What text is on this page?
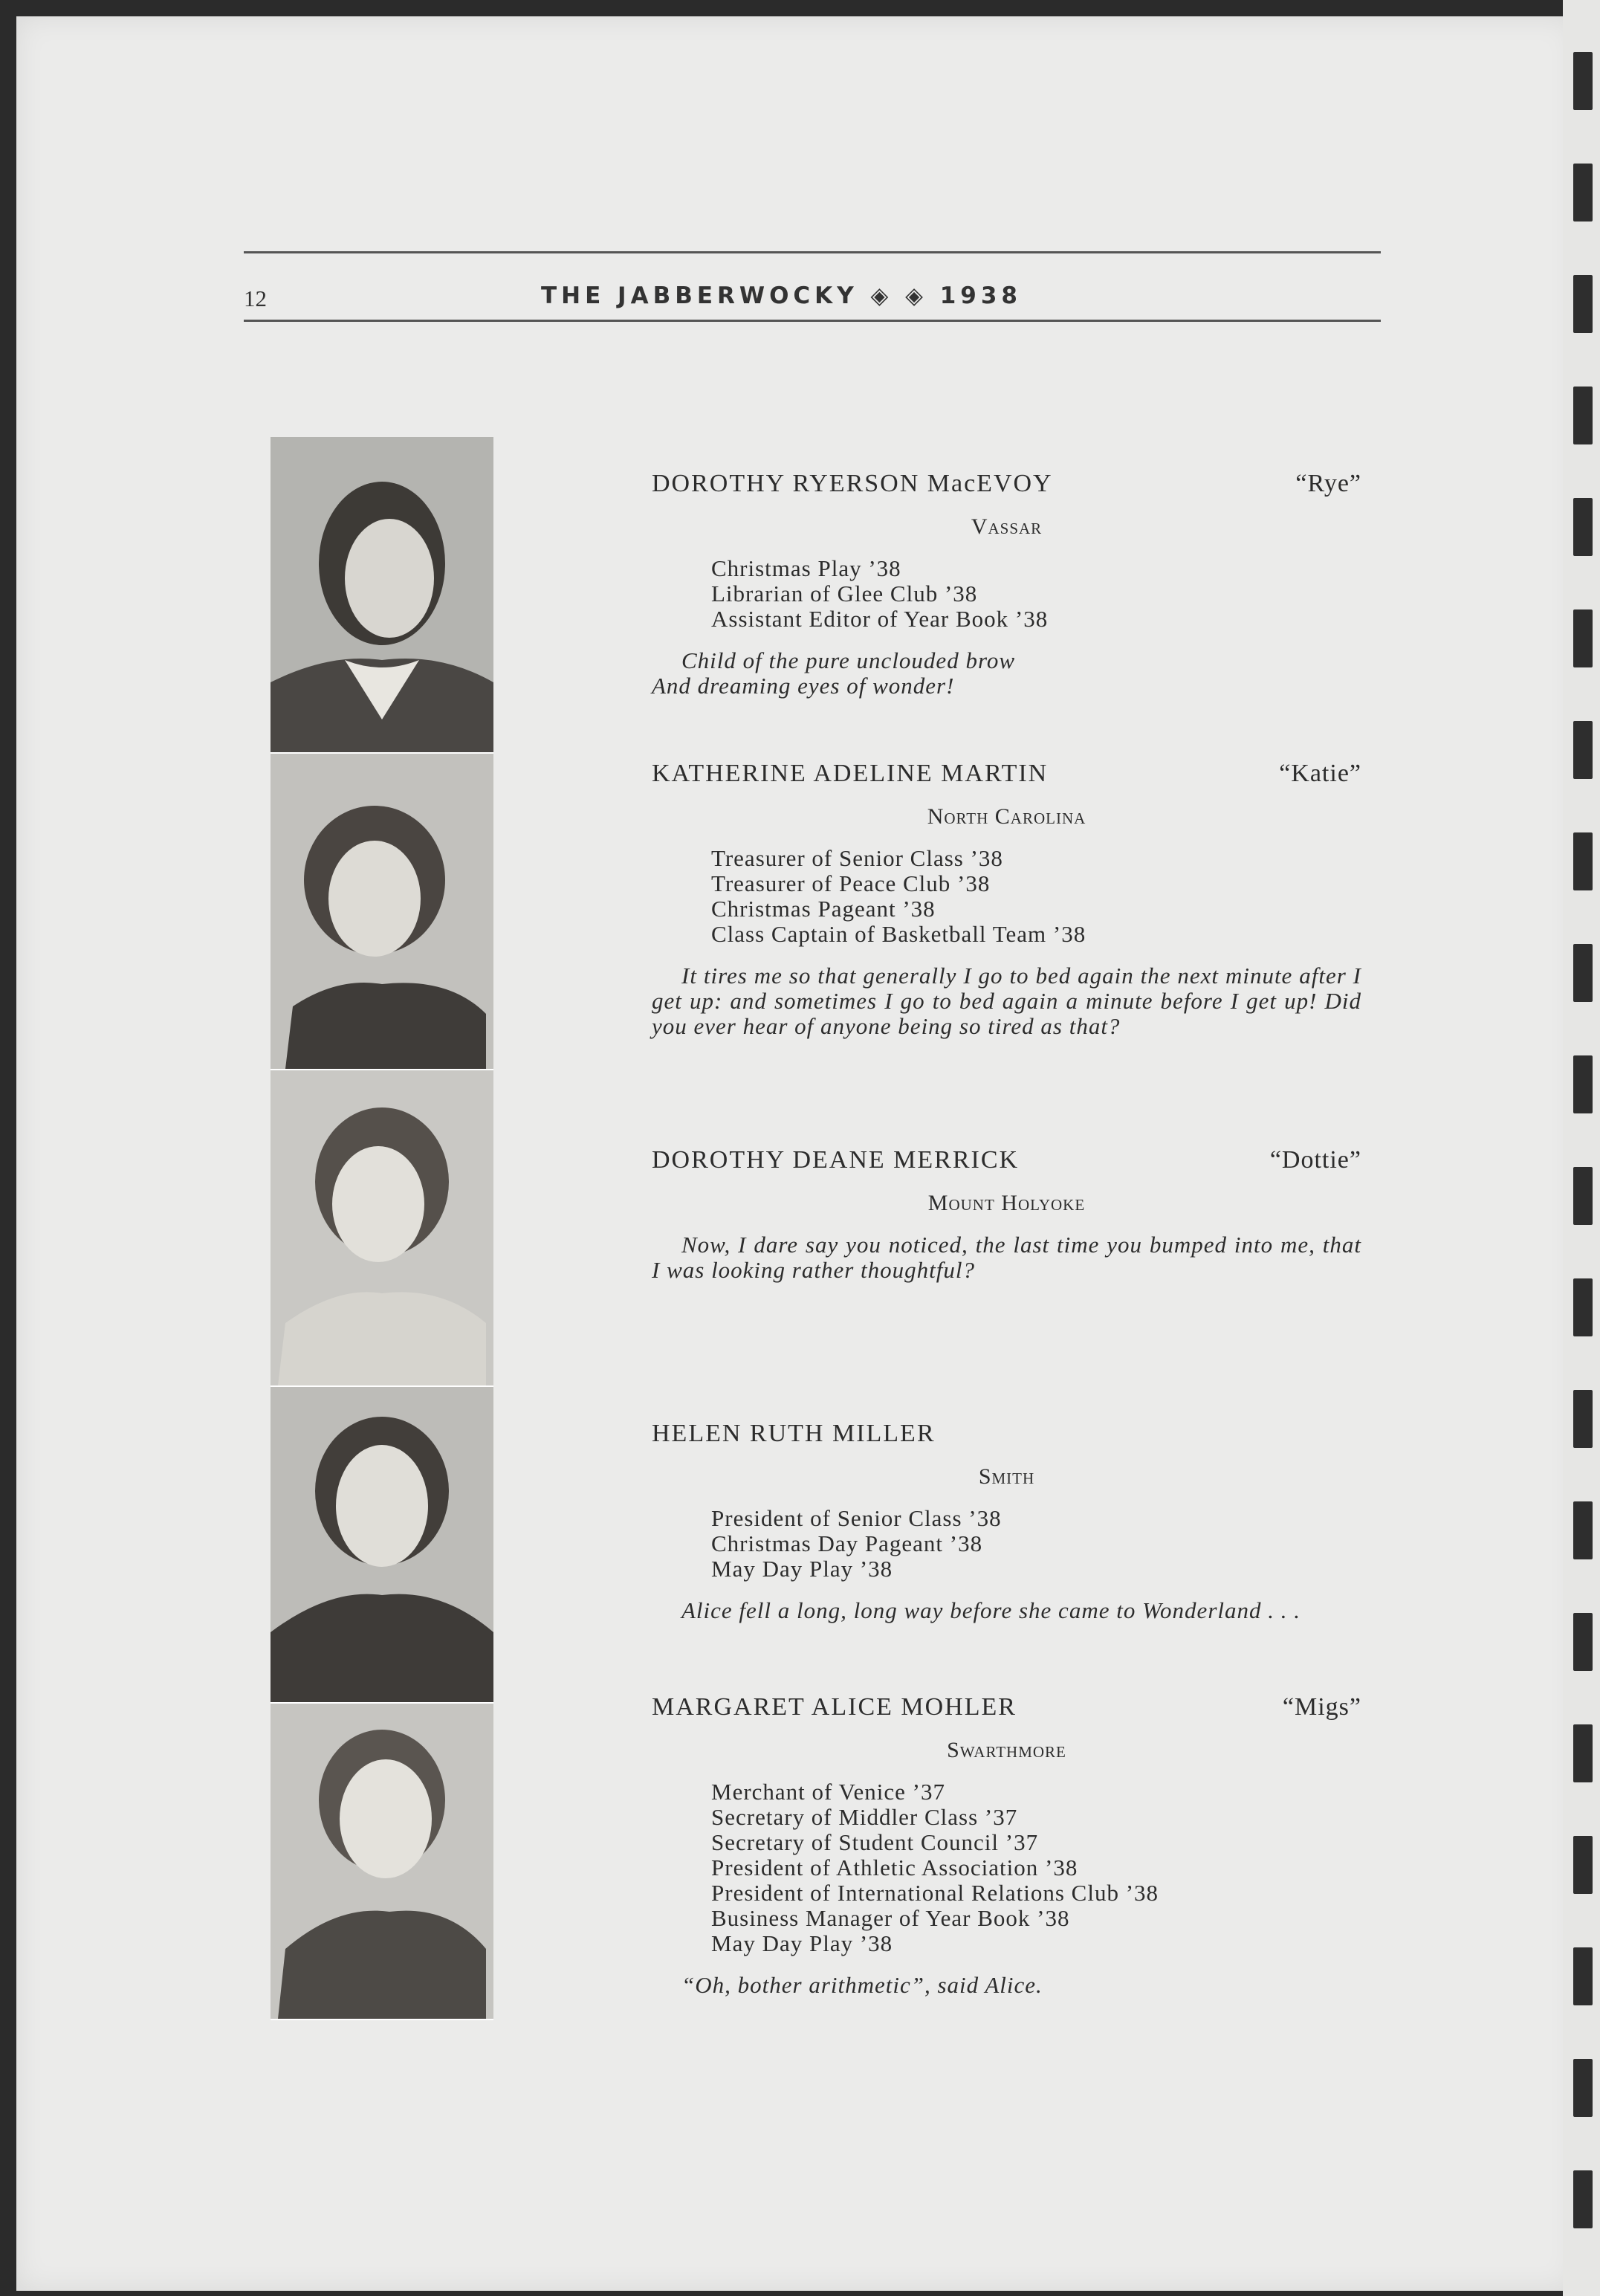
12	THE JABBERWOCKY ◈ ◈ 1938
DOROTHY RYERSON MacEVOY	“Rye”
Vassar
Christmas Play ’38
Librarian of Glee Club ’38
Assistant Editor of Year Book ’38
Child of the pure unclouded brow
And dreaming eyes of wonder!
KATHERINE ADELINE MARTIN	“Katie”
North Carolina
Treasurer of Senior Class ’38
Treasurer of Peace Club ’38
Christmas Pageant ’38
Class Captain of Basketball Team ’38
It tires me so that generally I go to bed again the next minute after I get up: and sometimes I go to bed again a minute before I get up! Did you ever hear of anyone being so tired as that?
DOROTHY DEANE MERRICK	“Dottie”
Mount Holyoke
Now, I dare say you noticed, the last time you bumped into me, that I was looking rather thoughtful?
HELEN RUTH MILLER
Smith
President of Senior Class ’38
Christmas Day Pageant ’38
May Day Play ’38
Alice fell a long, long way before she came to Wonderland . . .
MARGARET ALICE MOHLER	“Migs”
Swarthmore
Merchant of Venice ’37
Secretary of Middler Class ’37
Secretary of Student Council ’37
President of Athletic Association ’38
President of International Relations Club ’38
Business Manager of Year Book ’38
May Day Play ’38
“Oh, bother arithmetic”, said Alice.
